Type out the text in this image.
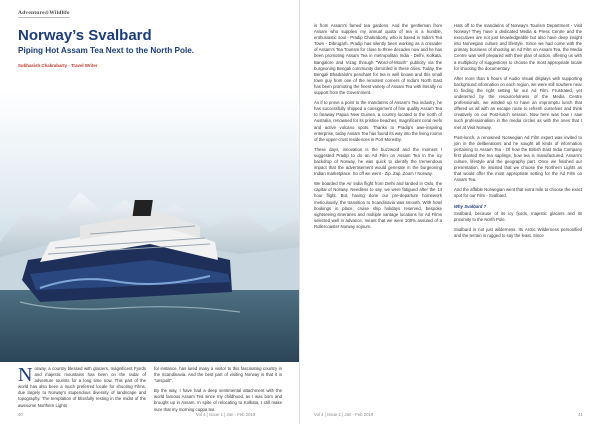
Adventure&Wildlife
Norway’s Svalbard
Piping Hot Assam Tea Next to the North Pole.
Subhasish Chakrabarty - Travel Writer

Norway, a country blessed with glaciers, magnificent Fjords and majestic mountains has been on the radar of adventure tourists for a long time now. This part of the world has also been a much preferred locale for shooting Films, due largely to Norway's stupendous diversity of landscape and topography. The temptation of blissfully resting in the midst of the awesome Northern Lights

for instance, has lured many a visitor to this fascinating country in the Scandinavia. And the best part of visiting Norway is that it is "unspoilt".

By the way, I have had a deep sentimental attachment with the world famous Assam Tea since my childhood, as I was born and brought up in Assam. In spite of relocating to Kolkata, I still make sure that my morning cuppa tea

40	Vol 4 | Issue 1 | Jan - Feb 2019

is from Assam's famed tea gardens. And the gentleman from Assam who supplies my annual quota of tea is a humble, enthusiastic soul - Pradip Chakraborty, who is based in India's Tea Town - Dibrugarh. Pradip has silently been working as a crusader of Assam's Tea Tourism for close to three decades now and he has been promoting Assam Tea in metropolitan India - Delhi, Kolkata, Bangalore and Vizag through "Word-of-Mouth" publicity via the burgeoning Bengali community domiciled in these cities. Today, the Bengali Bhadralok's penchant for tea is well known and this small town guy from one of the remotest corners of India's North East has been promoting the finest variety of Assam Tea with literally no support from the Government.

As if to prove a point to the mandarins of Assam's Tea industry, he has successfully shipped a consignment of fine quality Assam Tea to faraway Papua New Guinea, a country located to the north of Australia, renowned for its pristine beaches, magnificent coral reefs and active volcano spots. Thanks to Pradip's awe-inspiring enterprise, today Assam Tea has found its way into the living rooms of the upper-crust residences in Port Moresby.

These days, innovation is the buzzword and the moment I suggested Pradip to do an Ad Film on Assam Tea in the icy backdrop of Norway, he was quick to identify the tremendous impact that the advertisement would generate in the burgeoning Indian marketplace. So off we went - Zip..Zap..Zoom ! Norway.

We boarded the Air India flight from Delhi and landed in Oslo, the capital of Norway. Needless to say, we were fatigued after the 14 hour flight. But, having done our pre-departure homework meticulously, the transition to Scandinavia was smooth. With hotel bookings in place, cruise ship holidays reserved, bespoke sightseeing itineraries and multiple vantage locations for Ad Films selected well in advance, meant that we were 100% assured of a Rollercoaster Norway sojourn.

Hats off to the mandarins of Norway's Tourism Department - Visit Norway! They have a dedicated Media & Press Centre and the executives are not just knowledgeable but also have deep insight into Norwegian culture and lifestyle. Since we had come with the primary business of shooting an Ad Film on Assam Tea, the Media Centre was well prepared with their plan of action, offering us with a multiplicity of suggestions to choose the most appropriate locale for shooting the documentary.

After more than 5 hours of Audio Visual displays with supporting background information on each region, we were still nowhere near to finding the right setting for our Ad Film. Frustrated, yet undeterred by the resourcefulness of the Media Centre professionals, we winded up to have an impromptu lunch that offered us all with an escape route to refresh ourselves and think creatively on our Post-lunch session. Now here was how I saw such professionalism in the media circles as with the ones that I met at Visit Norway.

Post-lunch, a renowned Norwegian Ad Film expert was invited to join in the deliberations and he sought all kinds of information pertaining to Assam Tea - Of how the British East India Company first planted the tea saplings, how tea is manufactured, Assam's culture, lifestyle and the geography part. Once we finished our presentation, he insisted that we choose the Northern Lights as that would offer the most appropriate setting for the Ad Film on Assam Tea.

And the affable Norwegian went that extra mile to choose the exact spot for our Film - Svalbard.

Why Svalbard ?

Svalbard, because of its icy fjords, majestic glaciers and its proximity to the North Pole.

Svalbard is not just wilderness. Its Arctic Wilderness personified and the terrain is rugged to say the least. Since

Vol 4 | Issue 1 | Jan - Feb 2019	41
